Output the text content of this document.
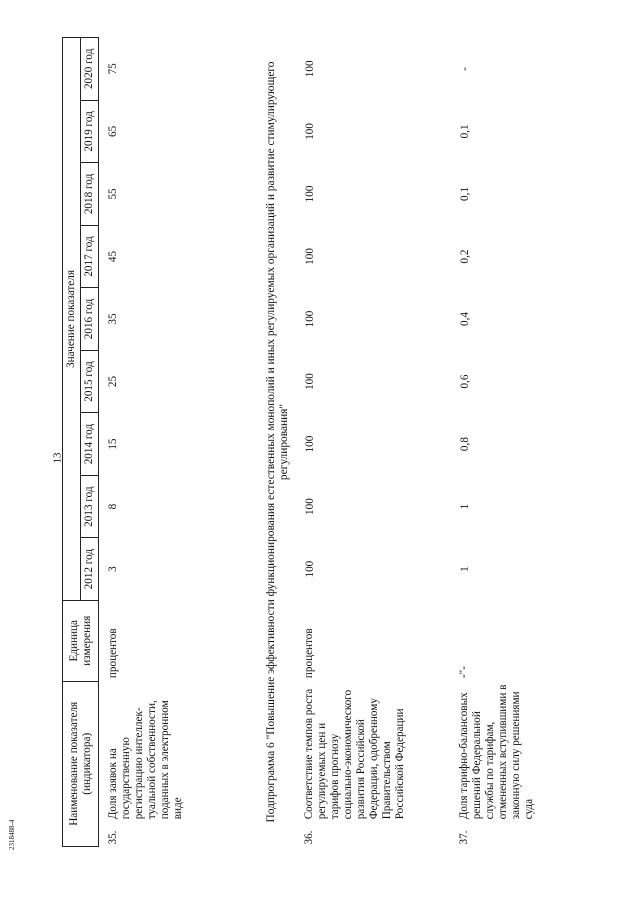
13
2318488-4
Наименование показателя (индикатора)		Единица измерения	Значение показателя								
			2012 год	2013 год	2014 год	2015 год	2016 год	2017 год	2018 год	2019 год	2020 год
35.	Доля заявок на государственную регистрацию интеллек-туальной собственности, поданных в электронном виде	процентов	3	8	15	25	35	45	55	65	75
Подпрограмма 6 "Повышение эффективности функционирования естественных монополий и иных регулируемых организаций и развитие стимулирующего регулирования"											
36.	Соответствие темпов роста регулируемых цен и тарифов прогнозу социально-экономического развития Российской Федерации, одобренному Правительством Российской Федерации	процентов	100	100	100	100	100	100	100	100	100
37.	Доля тарифно-балансовых решений Федеральной службы по тарифам, отмененных вступившими в законную силу решениями суда	-"-	1	1	0,8	0,6	0,4	0,2	0,1	0,1	-
